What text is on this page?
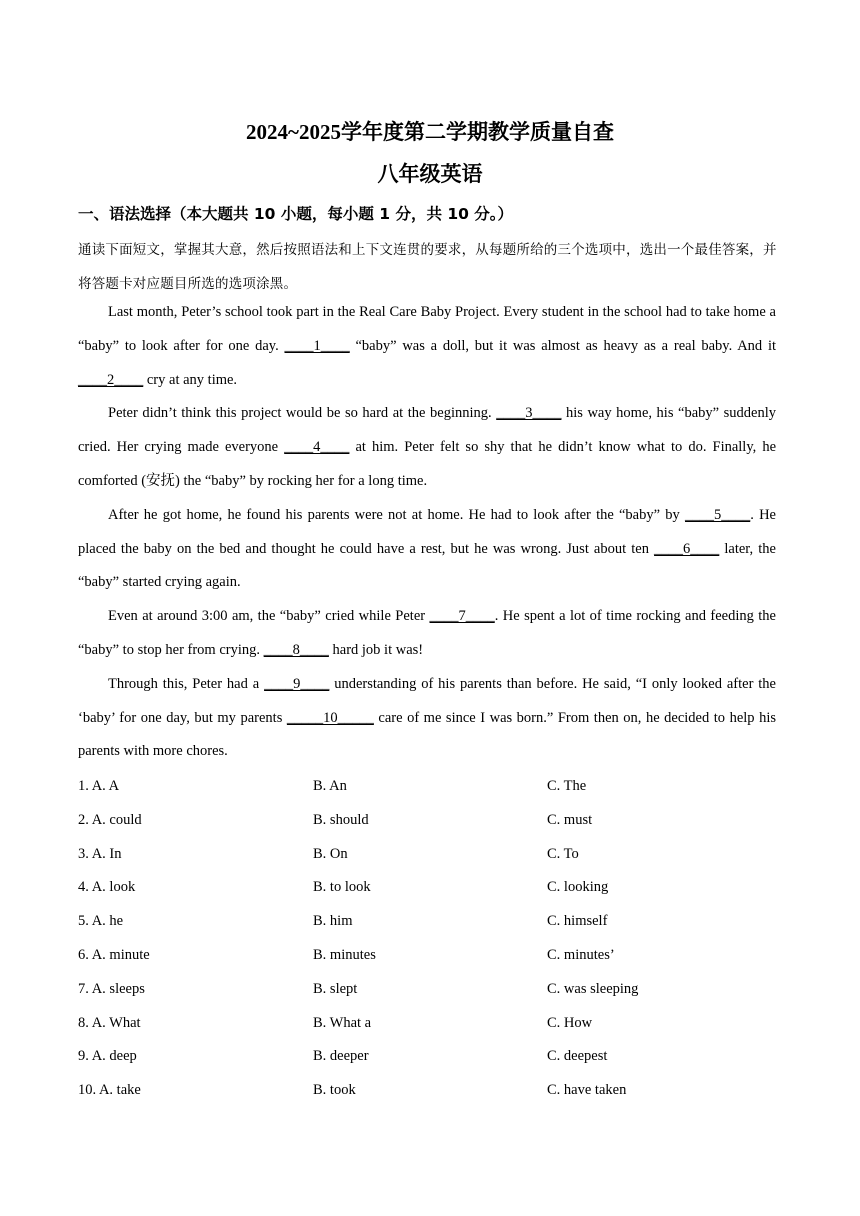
2024~2025学年度第二学期教学质量自查
八年级英语
一、语法选择（本大题共 10 小题，每小题 1 分，共 10 分。）
通读下面短文，掌握其大意，然后按照语法和上下文连贯的要求，从每题所给的三个选项中，选出一个最佳答案，并将答题卡对应题目所选的选项涂黑。

Last month, Peter’s school took part in the Real Care Baby Project. Every student in the school had to take home a “baby” to look after for one day. ____1____ “baby” was a doll, but it was almost as heavy as a real baby. And it ____2____ cry at any time.

Peter didn’t think this project would be so hard at the beginning. ____3____ his way home, his “baby” suddenly cried. Her crying made everyone ____4____ at him. Peter felt so shy that he didn’t know what to do. Finally, he comforted (安抚) the “baby” by rocking her for a long time.

After he got home, he found his parents were not at home. He had to look after the “baby” by ____5____. He placed the baby on the bed and thought he could have a rest, but he was wrong. Just about ten ____6____ later, the “baby” started crying again.

Even at around 3:00 am, the “baby” cried while Peter ____7____. He spent a lot of time rocking and feeding the “baby” to stop her from crying. ____8____ hard job it was!

Through this, Peter had a ____9____ understanding of his parents than before. He said, “I only looked after the ‘baby’ for one day, but my parents _____10_____ care of me since I was born.” From then on, he decided to help his parents with more chores.

1. A. A	B. An	C. The
2. A. could	B. should	C. must
3. A. In	B. On	C. To
4. A. look	B. to look	C. looking
5. A. he	B. him	C. himself
6. A. minute	B. minutes	C. minutes’
7. A. sleeps	B. slept	C. was sleeping
8. A. What	B. What a	C. How
9. A. deep	B. deeper	C. deepest
10. A. take	B. took	C. have taken
